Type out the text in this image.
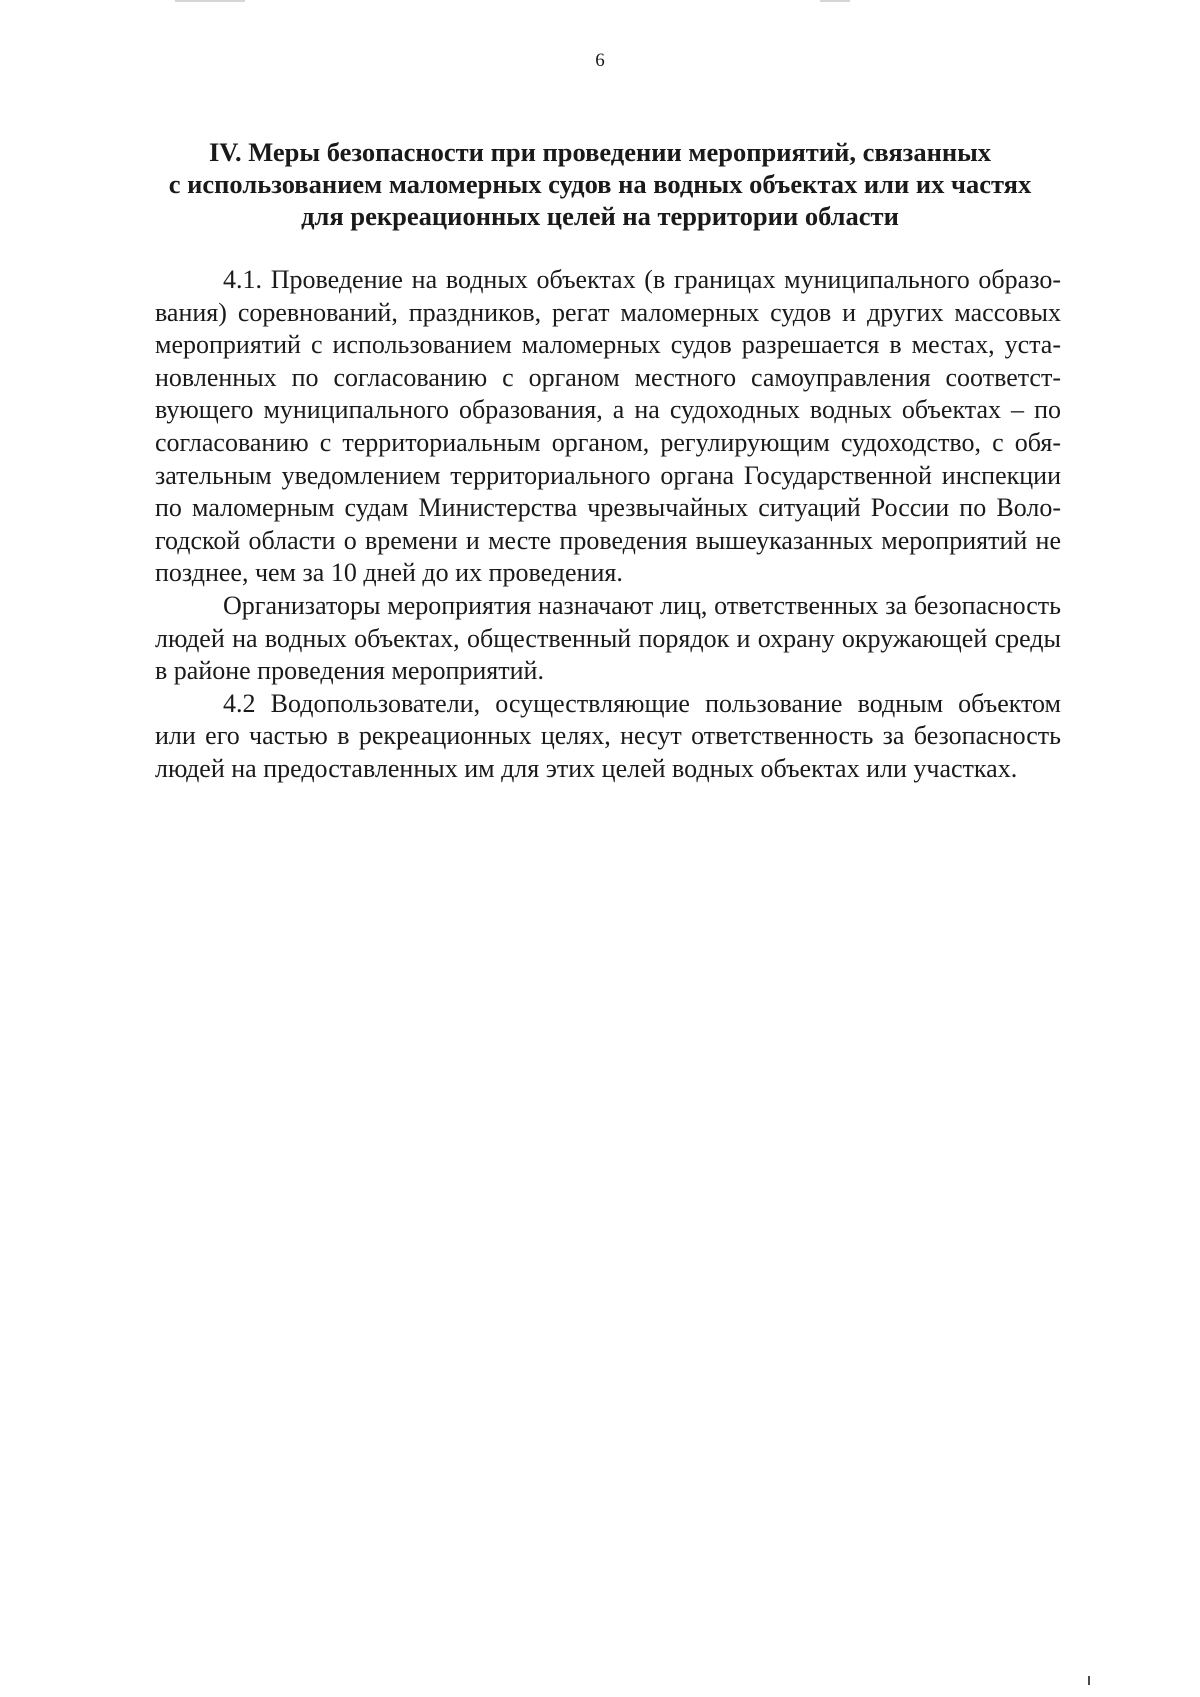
6
IV. Меры безопасности при проведении мероприятий, связанных
с использованием маломерных судов на водных объектах или их частях
для рекреационных целей на территории области

4.1. Проведение на водных объектах (в границах муниципального образования) соревнований, праздников, регат маломерных судов и других массовых мероприятий с использованием маломерных судов разрешается в местах, установленных по согласованию с органом местного самоуправления соответствующего муниципального образования, а на судоходных водных объектах – по согласованию с территориальным органом, регулирующим судоходство, с обязательным уведомлением территориального органа Государственной инспекции по маломерным судам Министерства чрезвычайных ситуаций России по Вологодской области о времени и месте проведения вышеуказанных мероприятий не позднее, чем за 10 дней до их проведения.

Организаторы мероприятия назначают лиц, ответственных за безопасность людей на водных объектах, общественный порядок и охрану окружающей среды в районе проведения мероприятий.

4.2 Водопользователи, осуществляющие пользование водным объектом или его частью в рекреационных целях, несут ответственность за безопасность людей на предоставленных им для этих целей водных объектах или участках.
